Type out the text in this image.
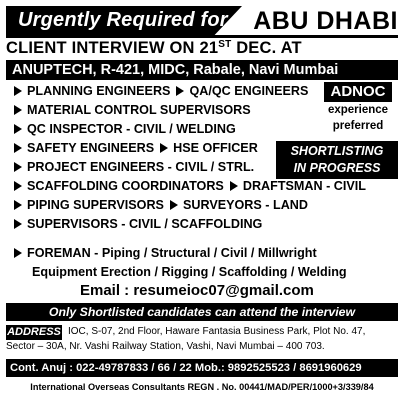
Urgently Required for ABU DHABI
CLIENT INTERVIEW ON 21ST DEC. AT
ANUPTECH, R-421, MIDC, Rabale, Navi Mumbai
PLANNING ENGINEERS QA/QC ENGINEERS
MATERIAL CONTROL SUPERVISORS
QC INSPECTOR - CIVIL / WELDING
SAFETY ENGINEERS HSE OFFICER
PROJECT ENGINEERS - CIVIL / STRL.
SCAFFOLDING COORDINATORS DRAFTSMAN - CIVIL
PIPING SUPERVISORS SURVEYORS - LAND
SUPERVISORS - CIVIL / SCAFFOLDING
ADNOC
experience
preferred
SHORTLISTING
IN PROGRESS
FOREMAN - Piping / Structural / Civil / Millwright
Equipment Erection / Rigging / Scaffolding / Welding
Email : resumeioc07@gmail.com
Only Shortlisted candidates can attend the interview
ADDRESS IOC, S-07, 2nd Floor, Haware Fantasia Business Park, Plot No. 47,
Sector – 30A, Nr. Vashi Railway Station, Vashi, Navi Mumbai – 400 703.
Cont. Anuj : 022-49787833 / 66 / 22 Mob.: 9892525523 / 8691960629
International Overseas Consultants REGN . No. 00441/MAD/PER/1000+3/339/84
